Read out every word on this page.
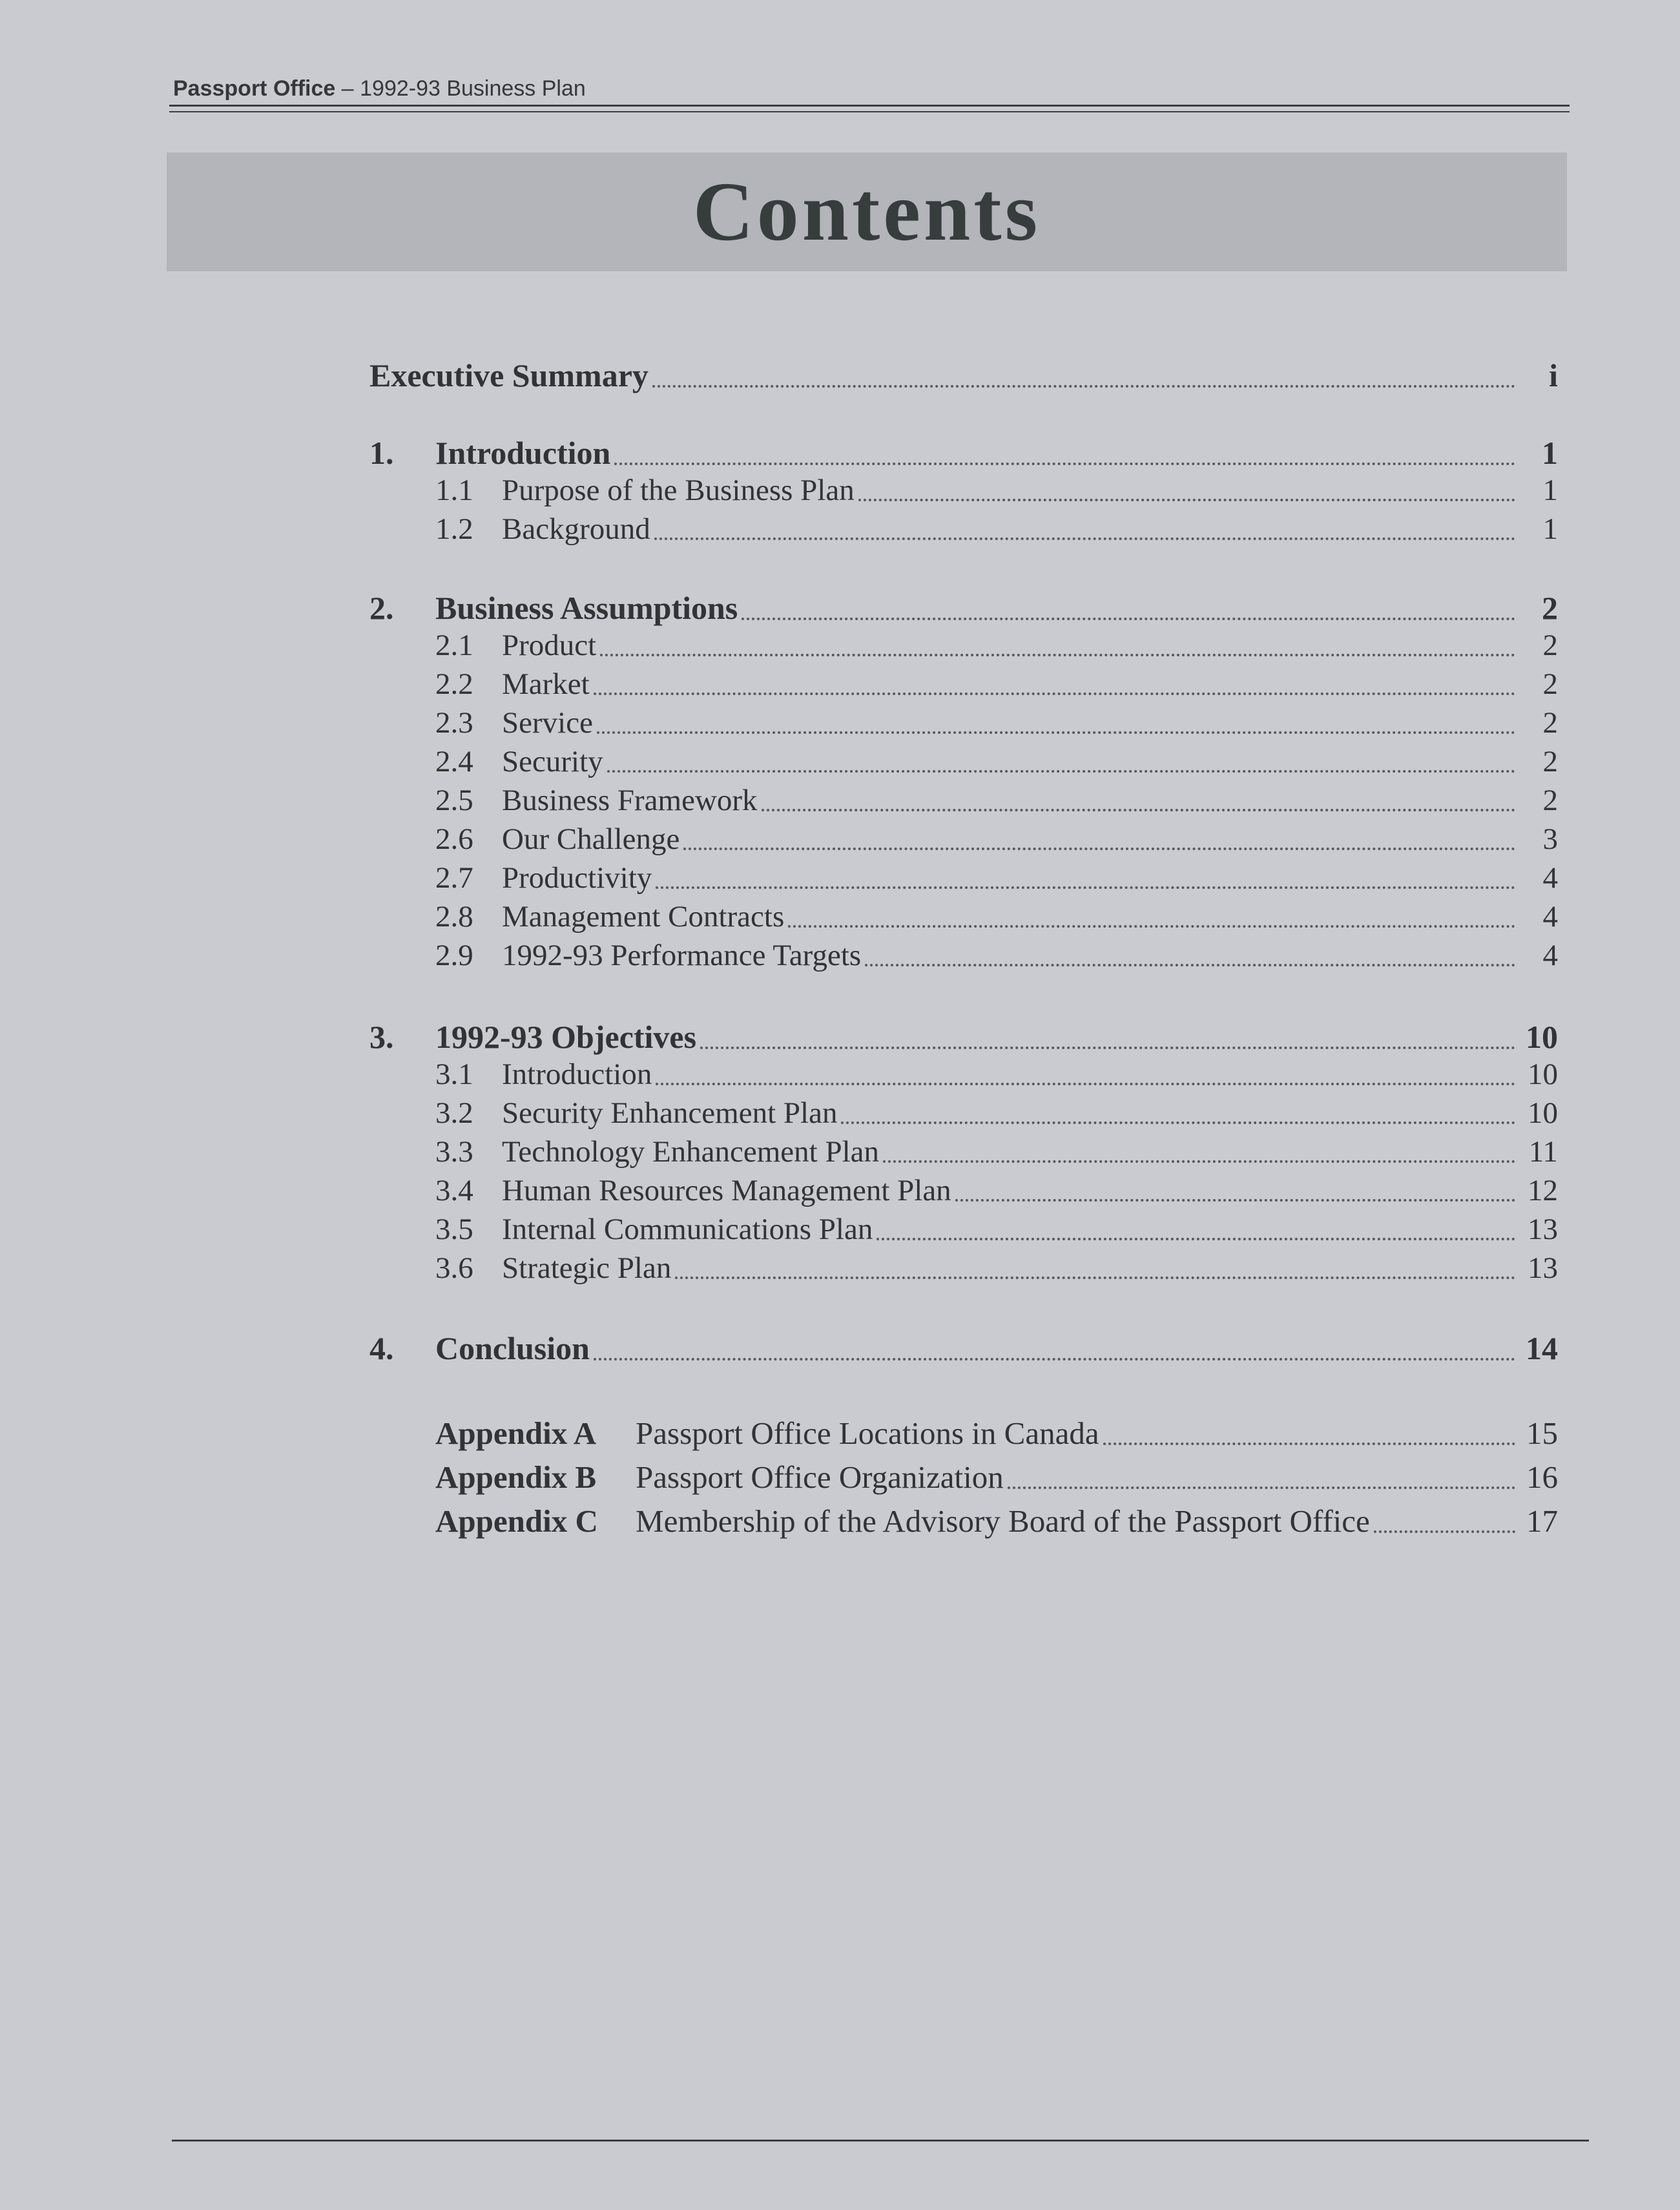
Passport Office – 1992-93 Business Plan
Contents
Executive Summary	i
1.	Introduction	1
1.1 Purpose of the Business Plan	1
1.2 Background	1
2.	Business Assumptions	2
2.1 Product	2
2.2 Market	2
2.3 Service	2
2.4 Security	2
2.5 Business Framework	2
2.6 Our Challenge	3
2.7 Productivity	4
2.8 Management Contracts	4
2.9 1992-93 Performance Targets	4
3.	1992-93 Objectives	10
3.1 Introduction	10
3.2 Security Enhancement Plan	10
3.3 Technology Enhancement Plan	11
3.4 Human Resources Management Plan	12
3.5 Internal Communications Plan	13
3.6 Strategic Plan	13
4.	Conclusion	14
Appendix A	Passport Office Locations in Canada	15
Appendix B	Passport Office Organization	16
Appendix C	Membership of the Advisory Board of the Passport Office	17
